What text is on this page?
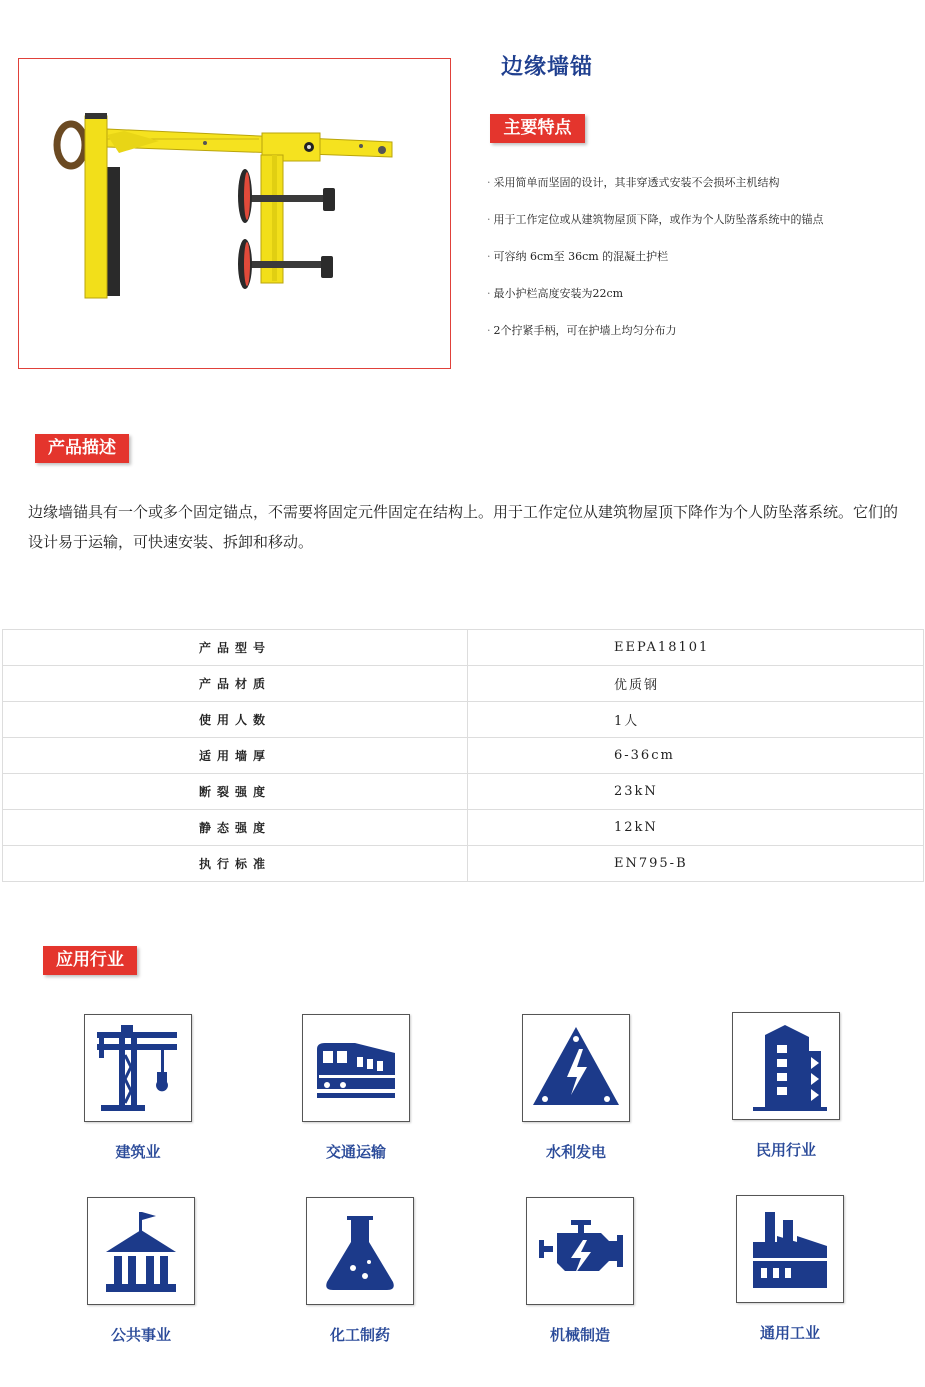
边缘墙锚
主要特点
· 采用简单而坚固的设计，其非穿透式安装不会损坏主机结构
· 用于工作定位或从建筑物屋顶下降，或作为个人防坠落系统中的锚点
· 可容纳 6cm至 36cm 的混凝土护栏
· 最小护栏高度安装为22cm
· 2个拧紧手柄，可在护墙上均匀分布力
产品描述

边缘墙锚具有一个或多个固定锚点，不需要将固定元件固定在结构上。用于工作定位从建筑物屋顶下降作为个人防坠落系统。它们的设计易于运输，可快速安装、拆卸和移动。

产品型号	EEPA18101
产品材质	优质钢
使用人数	1人
适用墙厚	6-36cm
断裂强度	23kN
静态强度	12kN
执行标准	EN795-B
应用行业
建筑业	交通运输	水利发电	民用行业
公共事业	化工制药	机械制造	通用工业
